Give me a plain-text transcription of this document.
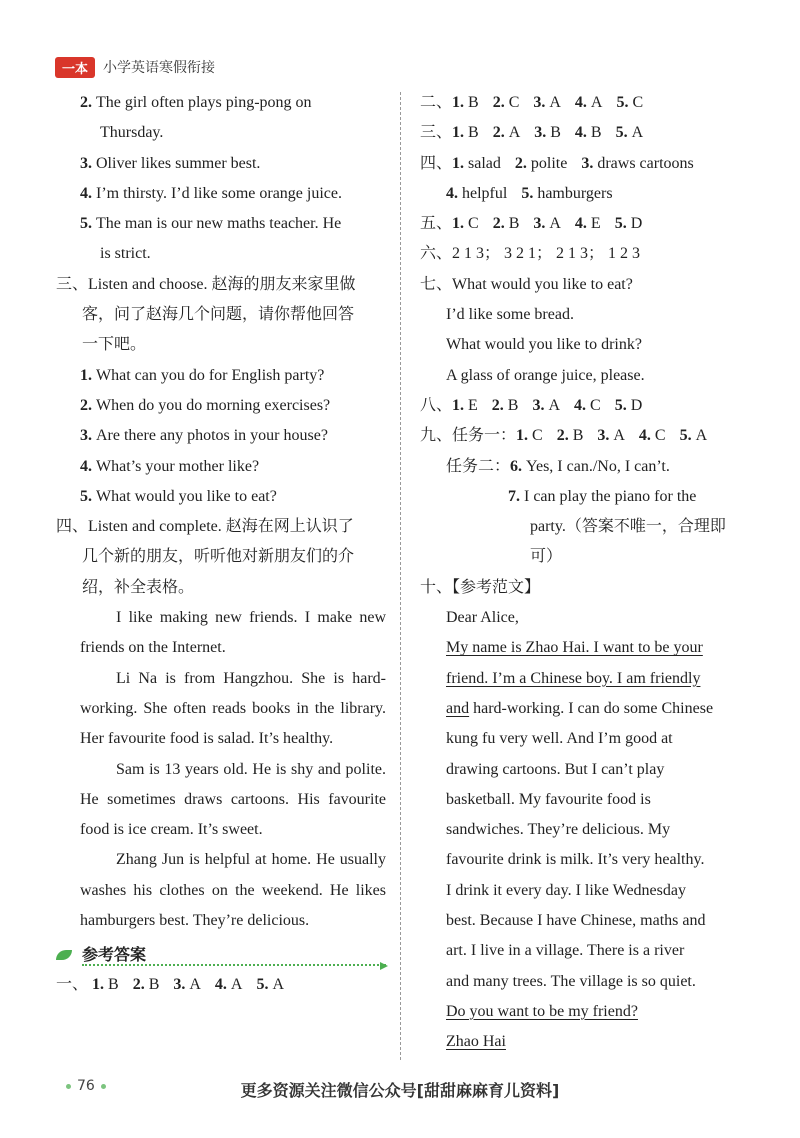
一本	小学英语寒假衔接
2. The girl often plays ping-pong on
Thursday.
3. Oliver likes summer best.
4. I’m thirsty. I’d like some orange juice.
5. The man is our new maths teacher. He
is strict.
三、Listen and choose. 赵海的朋友来家里做
客，问了赵海几个问题，请你帮他回答
一下吧。
1. What can you do for English party?
2. When do you do morning exercises?
3. Are there any photos in your house?
4. What’s your mother like?
5. What would you like to eat?
四、Listen and complete. 赵海在网上认识了
几个新的朋友，听听他对新朋友们的介
绍，补全表格。
I like making new friends. I make new friends on the Internet.
Li Na is from Hangzhou. She is hard-working. She often reads books in the library. Her favourite food is salad. It’s healthy.
Sam is 13 years old. He is shy and polite. He sometimes draws cartoons. His favourite food is ice cream. It’s sweet.
Zhang Jun is helpful at home. He usually washes his clothes on the weekend. He likes hamburgers best. They’re delicious.
参考答案
一、 1. B 2. B 3. A 4. A 5. A
二、1. B 2. C 3. A 4. A 5. C
三、1. B 2. A 3. B 4. B 5. A
四、1. salad 2. polite 3. draws cartoons
4. helpful 5. hamburgers
五、1. C 2. B 3. A 4. E 5. D
六、2 1 3； 3 2 1； 2 1 3； 1 2 3
七、What would you like to eat?
I’d like some bread.
What would you like to drink?
A glass of orange juice, please.
八、1. E 2. B 3. A 4. C 5. D
九、任务一：1. C 2. B 3. A 4. C 5. A
任务二：6. Yes, I can./No, I can’t.
7. I can play the piano for the
party.（答案不唯一，合理即
可）
十、【参考范文】
Dear Alice,
My name is Zhao Hai. I want to be your
friend. I’m a Chinese boy. I am friendly
and hard-working. I can do some Chinese
kung fu very well. And I’m good at
drawing cartoons. But I can’t play
basketball. My favourite food is
sandwiches. They’re delicious. My
favourite drink is milk. It’s very healthy.
I drink it every day. I like Wednesday
best. Because I have Chinese, maths and
art. I live in a village. There is a river
and many trees. The village is so quiet.
Do you want to be my friend?
Zhao Hai
76	更多资源关注微信公众号[甜甜麻麻育儿资料]
